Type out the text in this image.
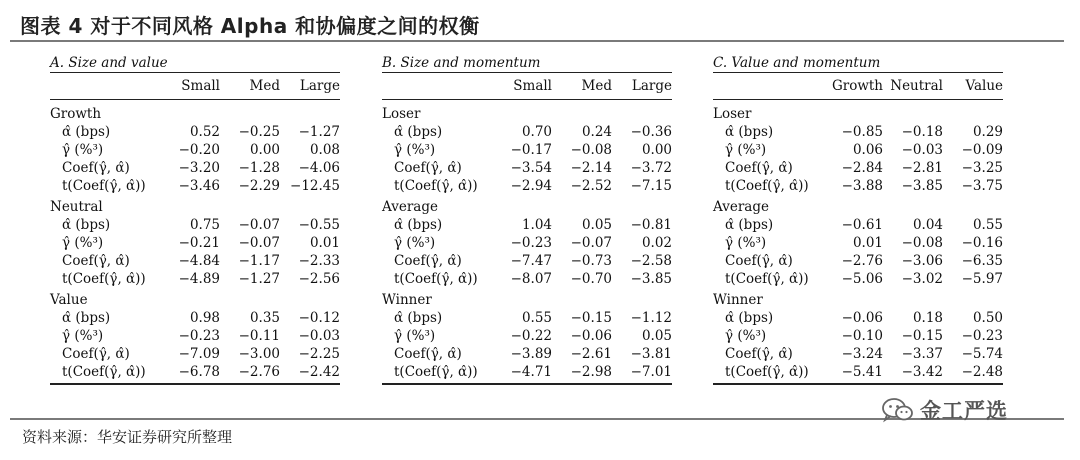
图表 4 对于不同风格 Alpha 和协偏度之间的权衡
A. Size and value
	Small	Med	Large

Growth			
α̂ (bps)	0.52	−0.25	−1.27
γ̂ (%³)	−0.20	0.00	0.08
Coef(γ̂, α̂)	−3.20	−1.28	−4.06
t(Coef(γ̂, α̂))	−3.46	−2.29	−12.45

Neutral			
α̂ (bps)	0.75	−0.07	−0.55
γ̂ (%³)	−0.21	−0.07	0.01
Coef(γ̂, α̂)	−4.84	−1.17	−2.33
t(Coef(γ̂, α̂))	−4.89	−1.27	−2.56

Value			
α̂ (bps)	0.98	0.35	−0.12
γ̂ (%³)	−0.23	−0.11	−0.03
Coef(γ̂, α̂)	−7.09	−3.00	−2.25
t(Coef(γ̂, α̂))	−6.78	−2.76	−2.42
B. Size and momentum
	Small	Med	Large

Loser			
α̂ (bps)	0.70	0.24	−0.36
γ̂ (%³)	−0.17	−0.08	0.00
Coef(γ̂, α̂)	−3.54	−2.14	−3.72
t(Coef(γ̂, α̂))	−2.94	−2.52	−7.15

Average			
α̂ (bps)	1.04	0.05	−0.81
γ̂ (%³)	−0.23	−0.07	0.02
Coef(γ̂, α̂)	−7.47	−0.73	−2.58
t(Coef(γ̂, α̂))	−8.07	−0.70	−3.85

Winner			
α̂ (bps)	0.55	−0.15	−1.12
γ̂ (%³)	−0.22	−0.06	0.05
Coef(γ̂, α̂)	−3.89	−2.61	−3.81
t(Coef(γ̂, α̂))	−4.71	−2.98	−7.01
C. Value and momentum
	Growth	Neutral	Value

Loser			
α̂ (bps)	−0.85	−0.18	0.29
γ̂ (%³)	0.06	−0.03	−0.09
Coef(γ̂, α̂)	−2.84	−2.81	−3.25
t(Coef(γ̂, α̂))	−3.88	−3.85	−3.75

Average			
α̂ (bps)	−0.61	0.04	0.55
γ̂ (%³)	0.01	−0.08	−0.16
Coef(γ̂, α̂)	−2.76	−3.06	−6.35
t(Coef(γ̂, α̂))	−5.06	−3.02	−5.97

Winner			
α̂ (bps)	−0.06	0.18	0.50
γ̂ (%³)	−0.10	−0.15	−0.23
Coef(γ̂, α̂)	−3.24	−3.37	−5.74
t(Coef(γ̂, α̂))	−5.41	−3.42	−2.48
金工严选
资料来源：华安证券研究所整理
